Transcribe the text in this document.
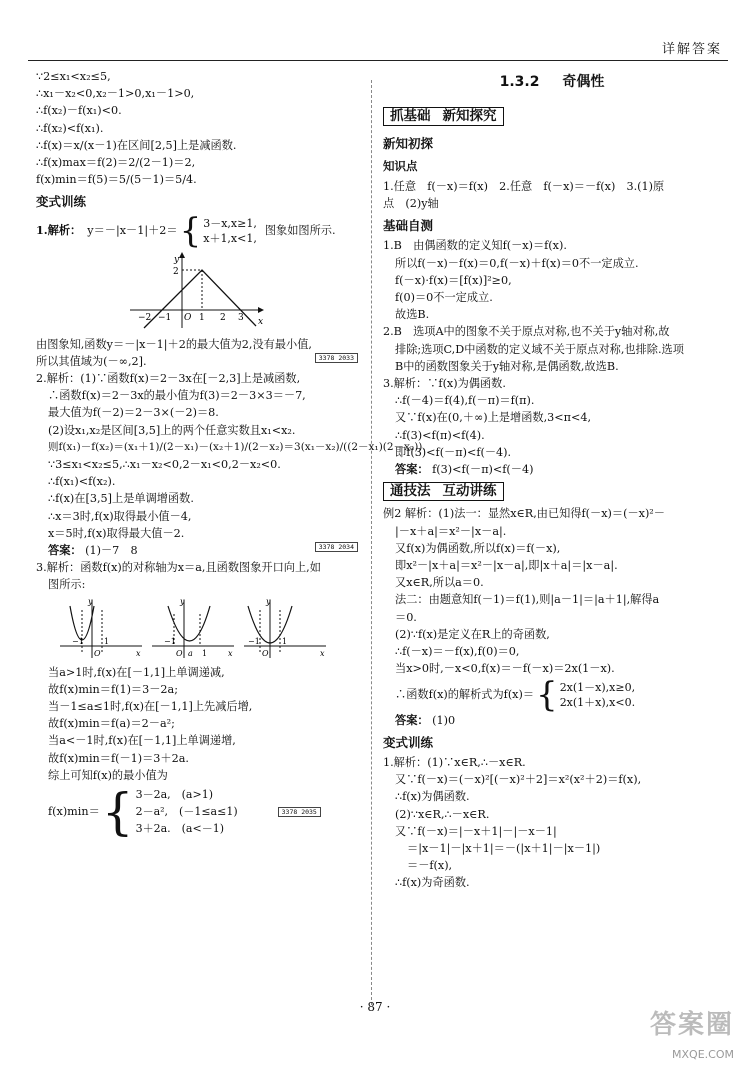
详解答案
∵2≤x₁<x₂≤5,
∴x₁－x₂<0,x₂－1>0,x₁－1>0,
∴f(x₂)－f(x₁)<0.
∴f(x₂)<f(x₁).
∴f(x)＝x/(x－1)在区间[2,5]上是减函数.
∴f(x)max＝f(2)＝2/(2－1)＝2,
f(x)min＝f(5)＝5/(5－1)＝5/4.
变式训练
1.解析： y＝－|x－1|＋2＝ { 3－x,x≥1,
x＋1,x<1,
图象如图所示.
y
x
2
O
−2 −1	1 2 3
由图象知,函数y＝－|x－1|＋2的最大值为2,没有最小值,
所以其值域为(－∞,2].	3378 2033
2.解析：(1)∵函数f(x)＝2－3x在[－2,3]上是减函数,
∴函数f(x)＝2－3x的最小值为f(3)＝2－3×3＝－7,
最大值为f(－2)＝2－3×(－2)＝8.
(2)设x₁,x₂是区间[3,5]上的两个任意实数且x₁<x₂.
则f(x₁)－f(x₂)＝(x₁＋1)/(2－x₁)－(x₂＋1)/(2－x₂)＝3(x₁－x₂)/((2－x₁)(2－x₂)).
∵3≤x₁<x₂≤5,∴x₁－x₂<0,2－x₁<0,2－x₂<0.
∴f(x₁)<f(x₂).
∴f(x)在[3,5]上是单调增函数.
∴x＝3时,f(x)取得最小值－4,
x＝5时,f(x)取得最大值－2.
答案： (1)－7　8	3378 2034
3.解析：函数f(x)的对称轴为x＝a,且函数图象开口向上,如
图所示:
y
x
−1
O
1
y
x
−1
O a 1
y
x
−1
O
1
当a>1时,f(x)在[－1,1]上单调递减,
故f(x)min＝f(1)＝3－2a;
当－1≤a≤1时,f(x)在[－1,1]上先减后增,
故f(x)min＝f(a)＝2－a²;
当a<－1时,f(x)在[－1,1]上单调递增,
故f(x)min＝f(－1)＝3＋2a.
综上可知f(x)的最小值为
f(x)min＝ { 3－2a,　(a>1)
2－a²,　(－1≤a≤1)
3＋2a.　(a<－1)
3378 2035
1.3.2 奇偶性
抓基础 新知探究
新知初探
知识点
1.任意　f(－x)＝f(x)　2.任意　f(－x)＝－f(x)　3.(1)原
点　(2)y轴
基础自测
1.B　由偶函数的定义知f(－x)＝f(x).
所以f(－x)－f(x)＝0,f(－x)＋f(x)＝0不一定成立.
f(－x)·f(x)＝[f(x)]²≥0,
f(0)＝0不一定成立.
故选B.
2.B　选项A中的图象不关于原点对称,也不关于y轴对称,故
排除;选项C,D中函数的定义域不关于原点对称,也排除.选项
B中的函数图象关于y轴对称,是偶函数,故选B.
3.解析：∵f(x)为偶函数.
∴f(－4)＝f(4),f(－π)＝f(π).
又∵f(x)在(0,＋∞)上是增函数,3<π<4,
∴f(3)<f(π)<f(4).
即f(3)<f(－π)<f(－4).
答案： f(3)<f(－π)<f(－4)
通技法 互动讲练
例2 解析：(1)法一：显然x∈R,由已知得f(－x)＝(－x)²－
|－x＋a|＝x²－|x－a|.
又f(x)为偶函数,所以f(x)＝f(－x),
即x²－|x＋a|＝x²－|x－a|,即|x＋a|＝|x－a|.
又x∈R,所以a＝0.
法二：由题意知f(－1)＝f(1),则|a－1|＝|a＋1|,解得a
＝0.
(2)∵f(x)是定义在R上的奇函数,
∴f(－x)＝－f(x),f(0)＝0,
当x>0时,－x<0,f(x)＝－f(－x)＝2x(1－x).
∴函数f(x)的解析式为f(x)＝ { 2x(1－x),x≥0,
2x(1＋x),x<0.
答案： (1)0
变式训练
1.解析：(1)∵x∈R,∴－x∈R.
又∵f(－x)＝(－x)²[(－x)²＋2]＝x²(x²＋2)＝f(x),
∴f(x)为偶函数.
(2)∵x∈R,∴－x∈R.
又∵f(－x)＝|－x＋1|－|－x－1|
＝|x－1|－|x＋1|＝－(|x＋1|－|x－1|)
＝－f(x),
∴f(x)为奇函数.
· 87 ·
答案圈
MXQE.COM
